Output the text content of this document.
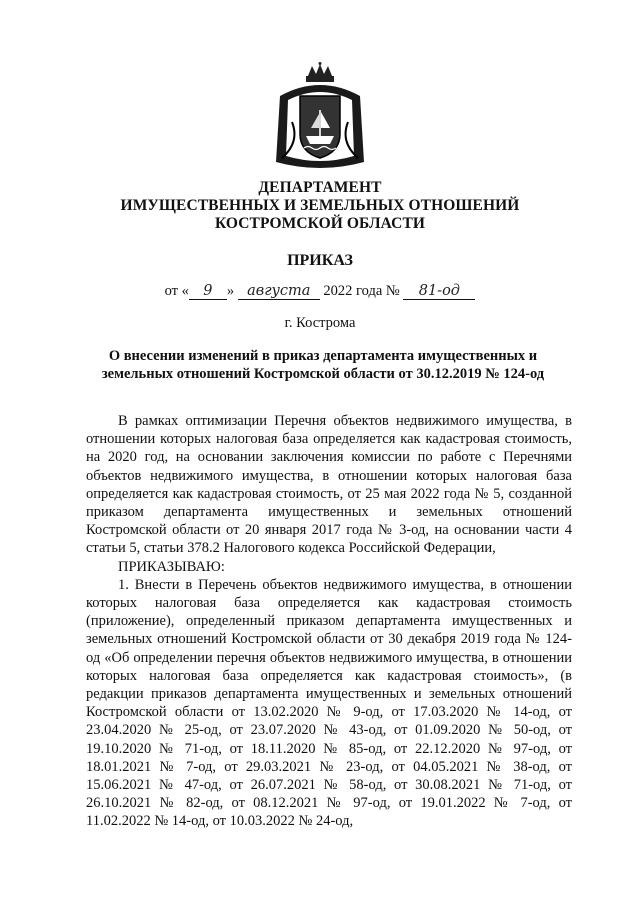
ДЕПАРТАМЕНТ
ИМУЩЕСТВЕННЫХ И ЗЕМЕЛЬНЫХ ОТНОШЕНИЙ
КОСТРОМСКОЙ ОБЛАСТИ
ПРИКАЗ
от « 9 » августа 2022 года № 81-од
г. Кострома
О внесении изменений в приказ департамента имущественных и земельных отношений Костромской области от 30.12.2019 № 124-од

В рамках оптимизации Перечня объектов недвижимого имущества, в отношении которых налоговая база определяется как кадастровая стоимость, на 2020 год, на основании заключения комиссии по работе с Перечнями объектов недвижимого имущества, в отношении которых налоговая база определяется как кадастровая стоимость, от 25 мая 2022 года № 5, созданной приказом департамента имущественных и земельных отношений Костромской области от 20 января 2017 года № 3-од, на основании части 4 статьи 5, статьи 378.2 Налогового кодекса Российской Федерации,

ПРИКАЗЫВАЮ:

1. Внести в Перечень объектов недвижимого имущества, в отношении которых налоговая база определяется как кадастровая стоимость (приложение), определенный приказом департамента имущественных и земельных отношений Костромской области от 30 декабря 2019 года № 124-од «Об определении перечня объектов недвижимого имущества, в отношении которых налоговая база определяется как кадастровая стоимость», (в редакции приказов департамента имущественных и земельных отношений Костромской области от 13.02.2020 № 9-од, от 17.03.2020 № 14-од, от 23.04.2020 № 25-од, от 23.07.2020 № 43-од, от 01.09.2020 № 50-од, от 19.10.2020 № 71-од, от 18.11.2020 № 85-од, от 22.12.2020 № 97-од, от 18.01.2021 № 7-од, от 29.03.2021 № 23-од, от 04.05.2021 № 38-од, от 15.06.2021 № 47-од, от 26.07.2021 № 58-од, от 30.08.2021 № 71-од, от 26.10.2021 № 82-од, от 08.12.2021 № 97-од, от 19.01.2022 № 7-од, от 11.02.2022 № 14-од, от 10.03.2022 № 24-од,
